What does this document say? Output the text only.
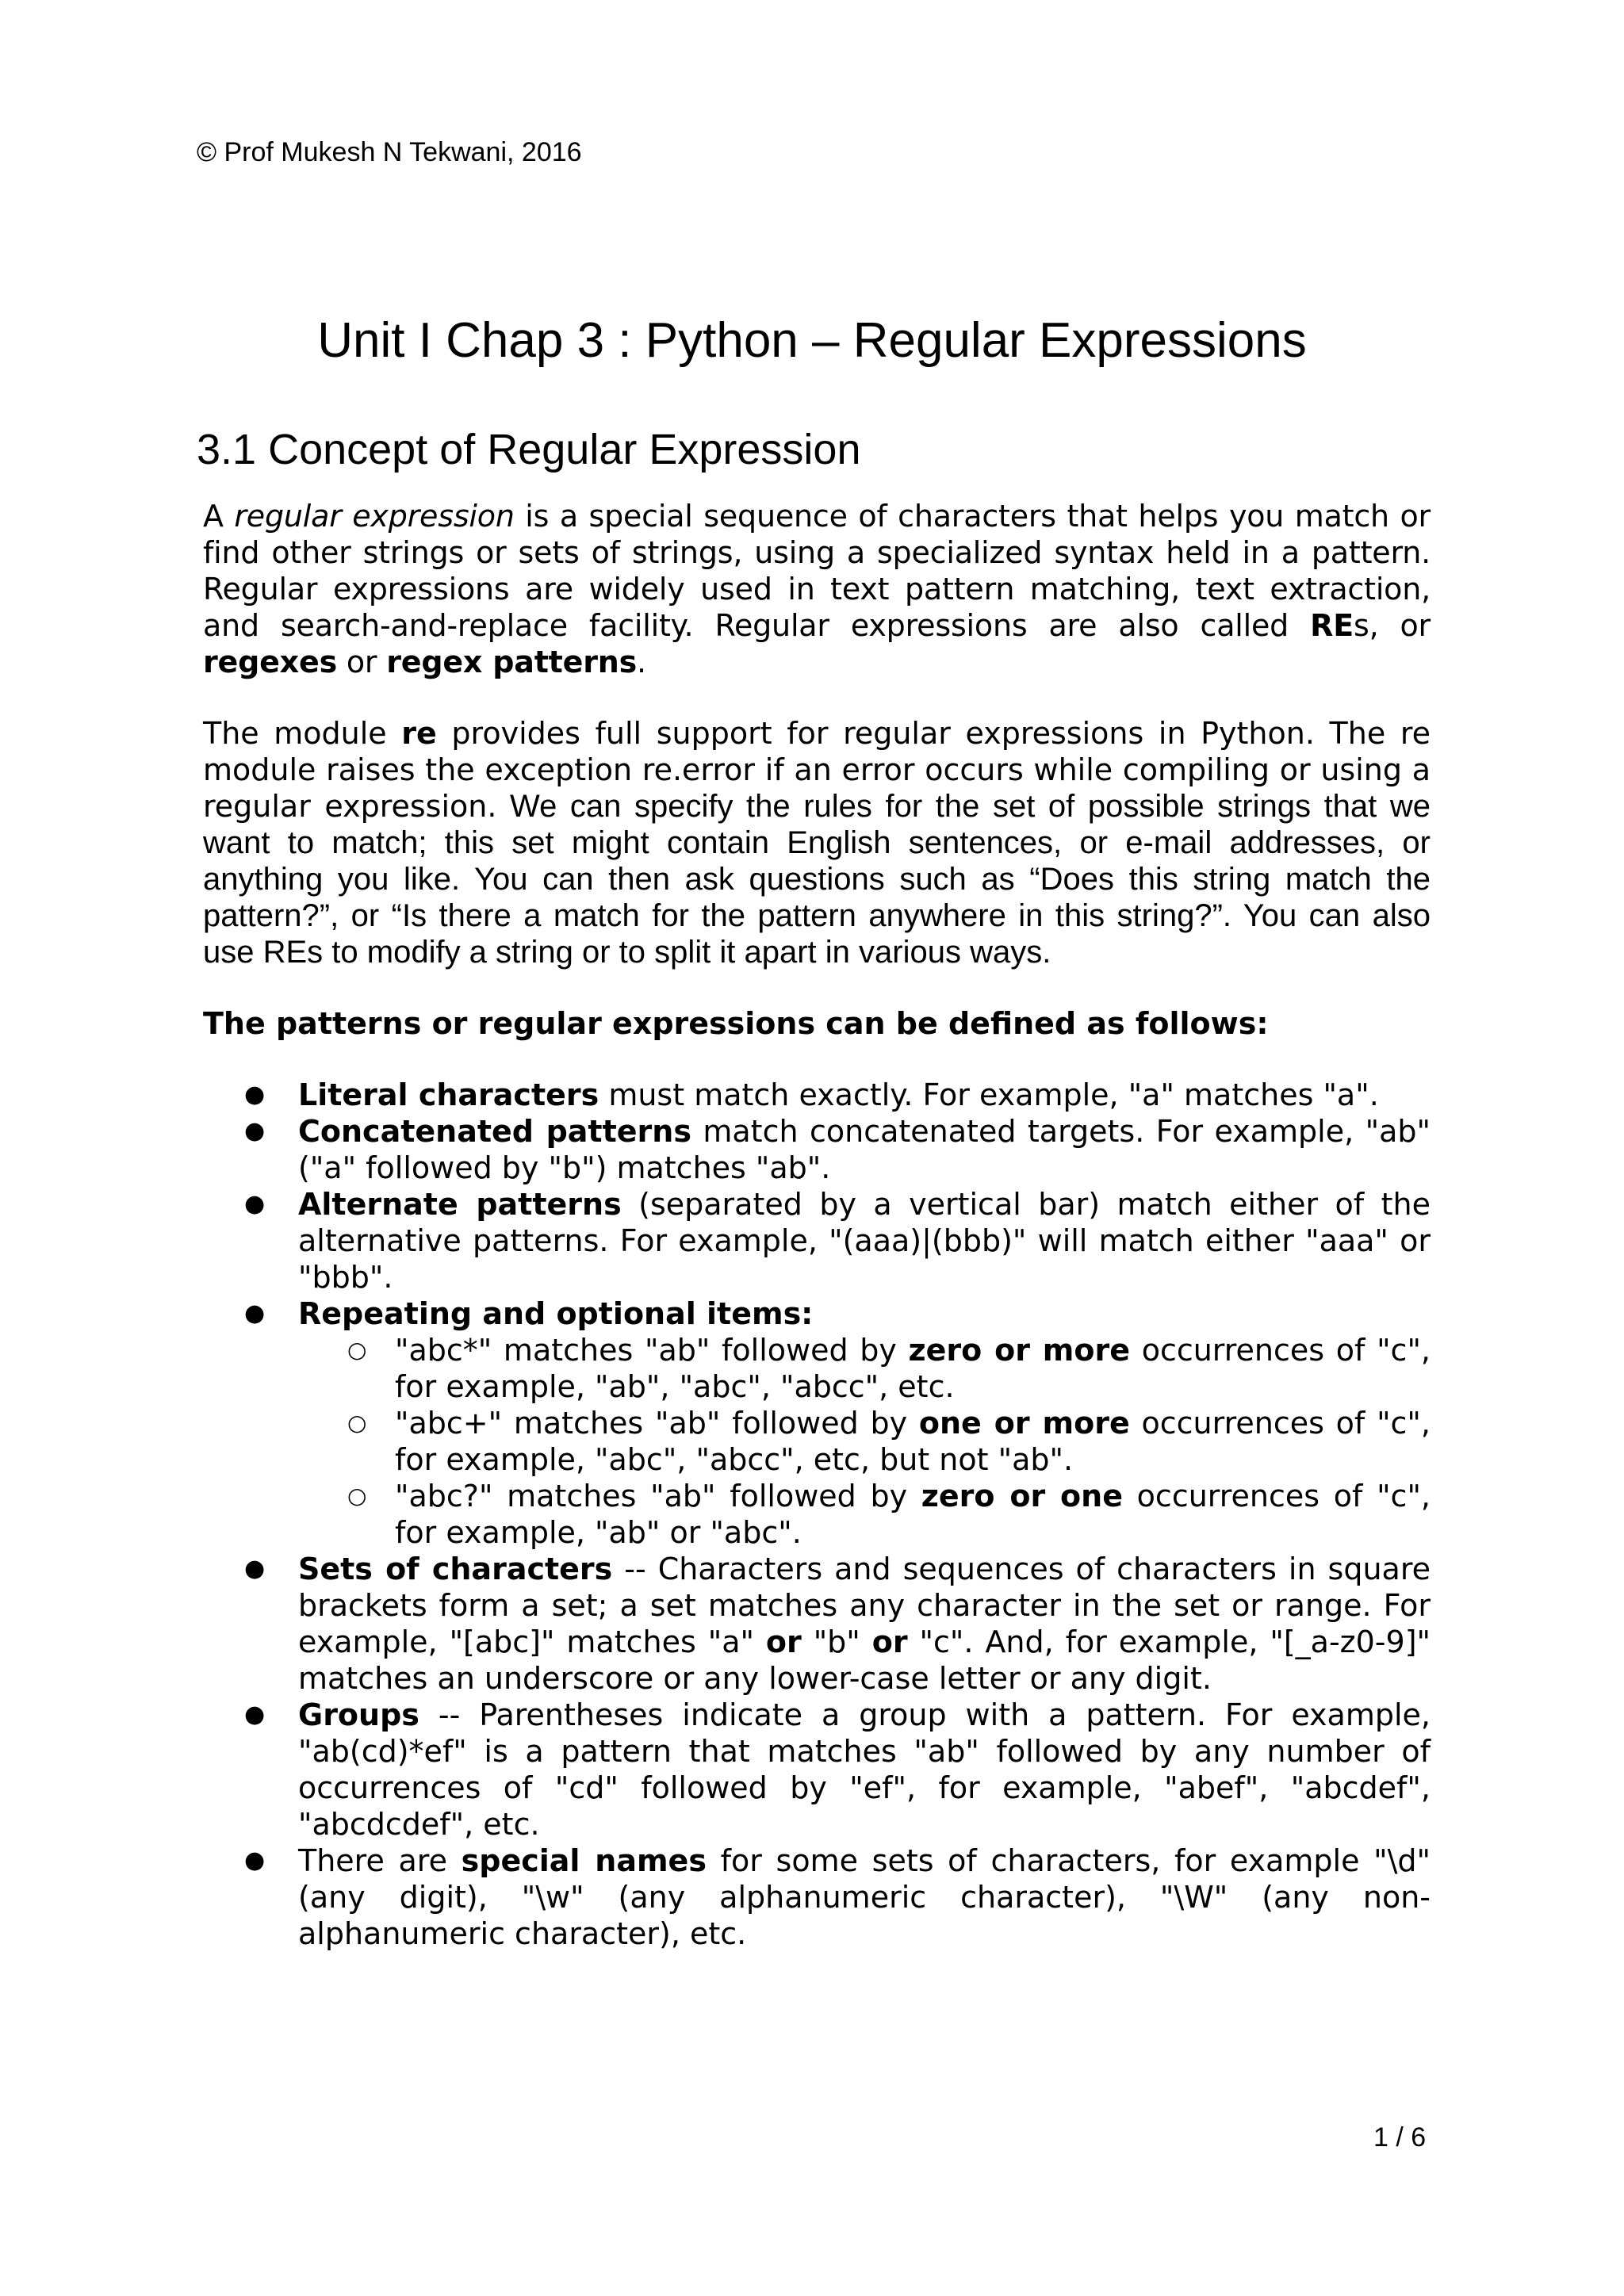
© Prof Mukesh N Tekwani, 2016
Unit I Chap 3 : Python – Regular Expressions
3.1 Concept of Regular Expression

A regular expression is a special sequence of characters that helps you match or find other strings or sets of strings, using a specialized syntax held in a pattern. Regular expressions are widely used in text pattern matching, text extraction, and search-and-replace facility. Regular expressions are also called REs, or regexes or regex patterns.

The module re provides full support for regular expressions in Python. The re module raises the exception re.error if an error occurs while compiling or using a regular expression. We can specify the rules for the set of possible strings that we want to match; this set might contain English sentences, or e-mail addresses, or anything you like. You can then ask questions such as “Does this string match the pattern?”, or “Is there a match for the pattern anywhere in this string?”. You can also use REs to modify a string or to split it apart in various ways.

The patterns or regular expressions can be defined as follows:

● Literal characters must match exactly. For example, "a" matches "a".
● Concatenated patterns match concatenated targets. For example, "ab" ("a" followed by "b") matches "ab".
● Alternate patterns (separated by a vertical bar) match either of the alternative patterns. For example, "(aaa)|(bbb)" will match either "aaa" or "bbb".
● Repeating and optional items:
○ "abc*" matches "ab" followed by zero or more occurrences of "c", for example, "ab", "abc", "abcc", etc.
○ "abc+" matches "ab" followed by one or more occurrences of "c", for example, "abc", "abcc", etc, but not "ab".
○ "abc?" matches "ab" followed by zero or one occurrences of "c", for example, "ab" or "abc".
● Sets of characters -- Characters and sequences of characters in square brackets form a set; a set matches any character in the set or range. For example, "[abc]" matches "a" or "b" or "c". And, for example, "[_a-z0-9]" matches an underscore or any lower-case letter or any digit.
● Groups -- Parentheses indicate a group with a pattern. For example, "ab(cd)*ef" is a pattern that matches "ab" followed by any number of occurrences of "cd" followed by "ef", for example, "abef", "abcdef", "abcdcdef", etc.
● There are special names for some sets of characters, for example "\d" (any digit), "\w" (any alphanumeric character), "\W" (any non-alphanumeric character), etc.
1 / 6
